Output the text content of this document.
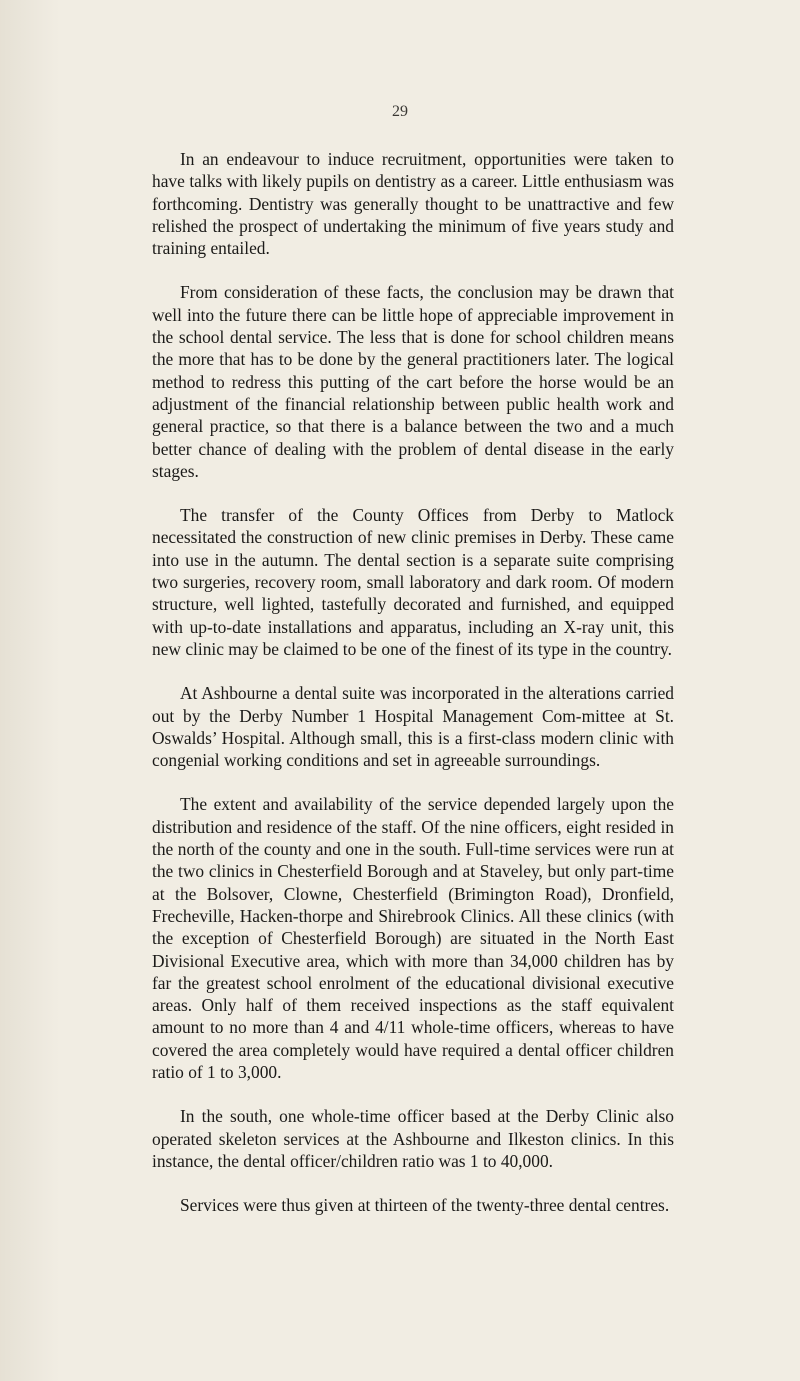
29

In an endeavour to induce recruitment, opportunities were taken to have talks with likely pupils on dentistry as a career. Little enthusiasm was forthcoming. Dentistry was generally thought to be unattractive and few relished the prospect of undertaking the minimum of five years study and training entailed.

From consideration of these facts, the conclusion may be drawn that well into the future there can be little hope of appreciable improvement in the school dental service. The less that is done for school children means the more that has to be done by the general practitioners later. The logical method to redress this putting of the cart before the horse would be an adjustment of the financial relationship between public health work and general practice, so that there is a balance between the two and a much better chance of dealing with the problem of dental disease in the early stages.

The transfer of the County Offices from Derby to Matlock necessitated the construction of new clinic premises in Derby. These came into use in the autumn. The dental section is a separate suite comprising two surgeries, recovery room, small laboratory and dark room. Of modern structure, well lighted, tastefully decorated and furnished, and equipped with up-to-date installations and apparatus, including an X-ray unit, this new clinic may be claimed to be one of the finest of its type in the country.

At Ashbourne a dental suite was incorporated in the alterations carried out by the Derby Number 1 Hospital Management Com-mittee at St. Oswalds’ Hospital. Although small, this is a first-class modern clinic with congenial working conditions and set in agreeable surroundings.

The extent and availability of the service depended largely upon the distribution and residence of the staff. Of the nine officers, eight resided in the north of the county and one in the south. Full-time services were run at the two clinics in Chesterfield Borough and at Staveley, but only part-time at the Bolsover, Clowne, Chesterfield (Brimington Road), Dronfield, Frecheville, Hacken-thorpe and Shirebrook Clinics. All these clinics (with the exception of Chesterfield Borough) are situated in the North East Divisional Executive area, which with more than 34,000 children has by far the greatest school enrolment of the educational divisional executive areas. Only half of them received inspections as the staff equivalent amount to no more than 4 and 4/11 whole-time officers, whereas to have covered the area completely would have required a dental officer children ratio of 1 to 3,000.

In the south, one whole-time officer based at the Derby Clinic also operated skeleton services at the Ashbourne and Ilkeston clinics. In this instance, the dental officer/children ratio was 1 to 40,000.

Services were thus given at thirteen of the twenty-three dental centres.
